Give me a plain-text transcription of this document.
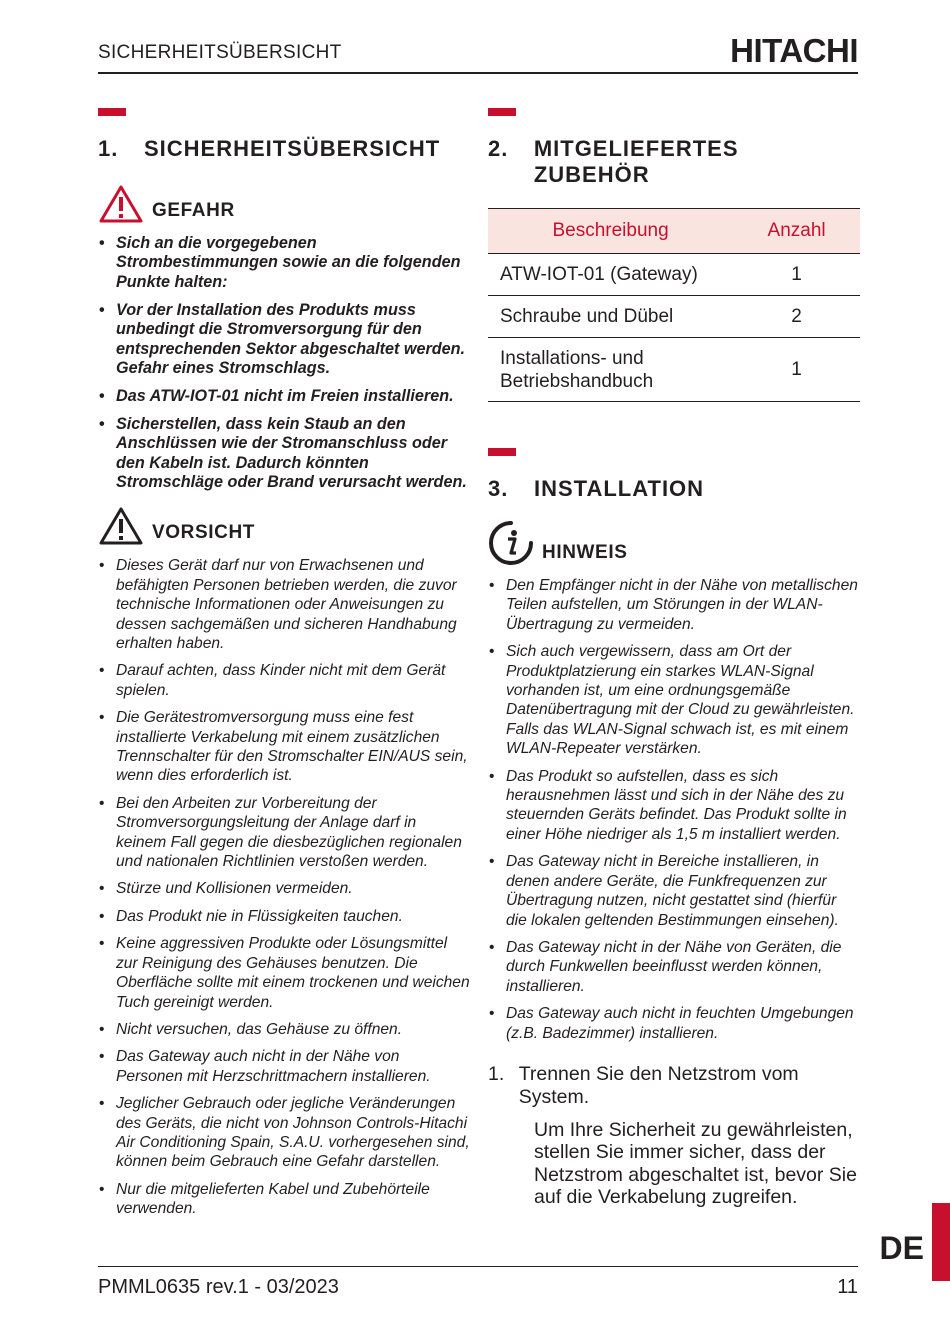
SICHERHEITSÜBERSICHT	HITACHI
1.	SICHERHEITSÜBERSICHT
GEFAHR
• Sich an die vorgegebenen Strombestimmungen sowie an die folgenden Punkte halten:
• Vor der Installation des Produkts muss unbedingt die Stromversorgung für den entsprechenden Sektor abgeschaltet werden. Gefahr eines Stromschlags.
• Das ATW-IOT-01 nicht im Freien installieren.
• Sicherstellen, dass kein Staub an den Anschlüssen wie der Stromanschluss oder den Kabeln ist. Dadurch könnten Stromschläge oder Brand verursacht werden.
VORSICHT
• Dieses Gerät darf nur von Erwachsenen und befähigten Personen betrieben werden, die zuvor technische Informationen oder Anweisungen zu dessen sachgemäßen und sicheren Handhabung erhalten haben.
• Darauf achten, dass Kinder nicht mit dem Gerät spielen.
• Die Gerätestromversorgung muss eine fest installierte Verkabelung mit einem zusätzlichen Trennschalter für den Stromschalter EIN/AUS sein, wenn dies erforderlich ist.
• Bei den Arbeiten zur Vorbereitung der Stromversorgungsleitung der Anlage darf in keinem Fall gegen die diesbezüglichen regionalen und nationalen Richtlinien verstoßen werden.
• Stürze und Kollisionen vermeiden.
• Das Produkt nie in Flüssigkeiten tauchen.
• Keine aggressiven Produkte oder Lösungsmittel zur Reinigung des Gehäuses benutzen. Die Oberfläche sollte mit einem trockenen und weichen Tuch gereinigt werden.
• Nicht versuchen, das Gehäuse zu öffnen.
• Das Gateway auch nicht in der Nähe von Personen mit Herzschrittmachern installieren.
• Jeglicher Gebrauch oder jegliche Veränderungen des Geräts, die nicht von Johnson Controls-Hitachi Air Conditioning Spain, S.A.U. vorhergesehen sind, können beim Gebrauch eine Gefahr darstellen.
• Nur die mitgelieferten Kabel und Zubehörteile verwenden.
2.	MITGELIEFERTES ZUBEHÖR
Beschreibung	Anzahl
ATW-IOT-01 (Gateway)	1
Schraube und Dübel	2
Installations- und Betriebshandbuch	1
3.	INSTALLATION
HINWEIS
• Den Empfänger nicht in der Nähe von metallischen Teilen aufstellen, um Störungen in der WLAN-Übertragung zu vermeiden.
• Sich auch vergewissern, dass am Ort der Produktplatzierung ein starkes WLAN-Signal vorhanden ist, um eine ordnungsgemäße Datenübertragung mit der Cloud zu gewährleisten. Falls das WLAN-Signal schwach ist, es mit einem WLAN-Repeater verstärken.
• Das Produkt so aufstellen, dass es sich herausnehmen lässt und sich in der Nähe des zu steuernden Geräts befindet. Das Produkt sollte in einer Höhe niedriger als 1,5 m installiert werden.
• Das Gateway nicht in Bereiche installieren, in denen andere Geräte, die Funkfrequenzen zur Übertragung nutzen, nicht gestattet sind (hierfür die lokalen geltenden Bestimmungen einsehen).
• Das Gateway nicht in der Nähe von Geräten, die durch Funkwellen beeinflusst werden können, installieren.
• Das Gateway auch nicht in feuchten Umgebungen (z.B. Badezimmer) installieren.
1. Trennen Sie den Netzstrom vom System.
Um Ihre Sicherheit zu gewährleisten, stellen Sie immer sicher, dass der Netzstrom abgeschaltet ist, bevor Sie auf die Verkabelung zugreifen.
PMML0635 rev.1 - 03/2023	11
DE
